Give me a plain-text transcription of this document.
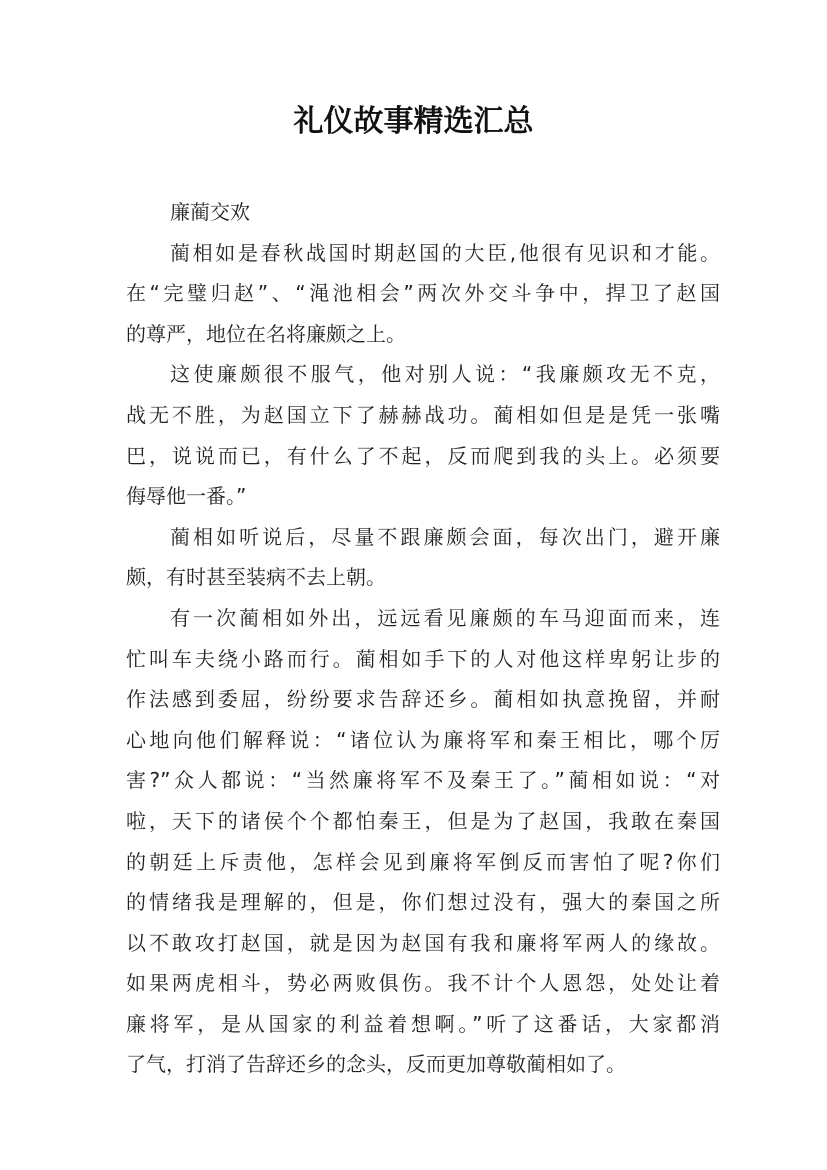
礼仪故事精选汇总
廉蔺交欢
蔺相如是春秋战国时期赵国的大臣,他很有见识和才能。
在“完璧归赵”、“渑池相会”两次外交斗争中，捍卫了赵国
的尊严，地位在名将廉颇之上。
这使廉颇很不服气，他对别人说：“我廉颇攻无不克，
战无不胜，为赵国立下了赫赫战功。蔺相如但是是凭一张嘴
巴，说说而已，有什么了不起，反而爬到我的头上。必须要
侮辱他一番。”
蔺相如听说后，尽量不跟廉颇会面，每次出门，避开廉
颇，有时甚至装病不去上朝。
有一次蔺相如外出，远远看见廉颇的车马迎面而来，连
忙叫车夫绕小路而行。蔺相如手下的人对他这样卑躬让步的
作法感到委屈，纷纷要求告辞还乡。蔺相如执意挽留，并耐
心地向他们解释说：“诸位认为廉将军和秦王相比，哪个厉
害?”众人都说：“当然廉将军不及秦王了。”蔺相如说：“对
啦，天下的诸侯个个都怕秦王，但是为了赵国，我敢在秦国
的朝廷上斥责他，怎样会见到廉将军倒反而害怕了呢?你们
的情绪我是理解的，但是，你们想过没有，强大的秦国之所
以不敢攻打赵国，就是因为赵国有我和廉将军两人的缘故。
如果两虎相斗，势必两败俱伤。我不计个人恩怨，处处让着
廉将军，是从国家的利益着想啊。”听了这番话，大家都消
了气，打消了告辞还乡的念头，反而更加尊敬蔺相如了。
